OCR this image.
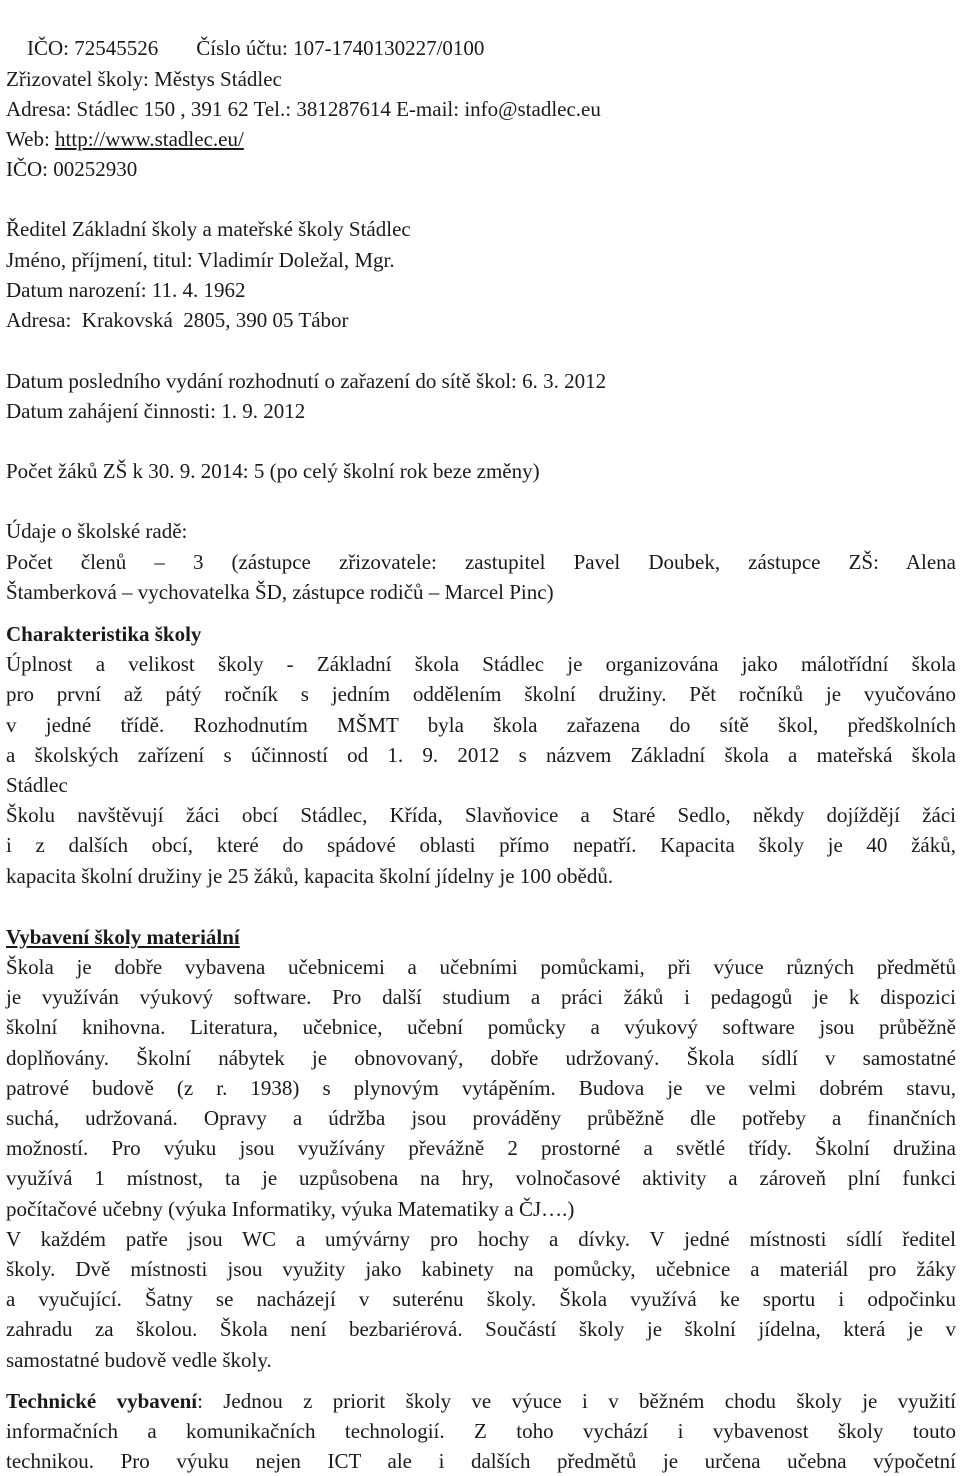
IČO: 72545526 Číslo účtu: 107-1740130227/0100

Zřizovatel školy: Městys Stádlec
Adresa: Stádlec 150 , 391 62 Tel.: 381287614 E-mail: info@stadlec.eu
Web: http://www.stadlec.eu/
IČO: 00252930
Ředitel Základní školy a mateřské školy Stádlec
Jméno, příjmení, titul: Vladimír Doležal, Mgr.
Datum narození: 11. 4. 1962
Adresa:  Krakovská  2805, 390 05 Tábor
Datum posledního vydání rozhodnutí o zařazení do sítě škol: 6. 3. 2012
Datum zahájení činnosti: 1. 9. 2012
Počet žáků ZŠ k 30. 9. 2014: 5 (po celý školní rok beze změny)
Údaje o školské radě:
Počet členů – 3 (zástupce zřizovatele: zastupitel Pavel Doubek, zástupce ZŠ: Alena
Štamberková – vychovatelka ŠD, zástupce rodičů – Marcel Pinc)
Charakteristika školy
Úplnost a velikost školy - Základní škola Stádlec je organizována jako málotřídní škola
pro první až pátý ročník s jedním oddělením školní družiny. Pět ročníků je vyučováno
v jedné třídě. Rozhodnutím MŠMT byla škola zařazena do sítě škol, předškolních
a školských zařízení s účinností od 1. 9. 2012 s názvem Základní škola a mateřská škola
Stádlec
Školu navštěvují žáci obcí Stádlec, Křída, Slavňovice a Staré Sedlo, někdy dojíždějí žáci
i z dalších obcí, které do spádové oblasti přímo nepatří. Kapacita školy je 40 žáků,
kapacita školní družiny je 25 žáků, kapacita školní jídelny je 100 obědů.
Vybavení školy materiální
Škola je dobře vybavena učebnicemi a učebními pomůckami, při výuce různých předmětů
je využíván výukový software. Pro další studium a práci žáků i pedagogů je k dispozici
školní knihovna. Literatura, učebnice, učební pomůcky a výukový software jsou průběžně
doplňovány. Školní nábytek je obnovovaný, dobře udržovaný. Škola sídlí v samostatné
patrové budově (z r. 1938) s plynovým vytápěním. Budova je ve velmi dobrém stavu,
suchá, udržovaná. Opravy a údržba jsou prováděny průběžně dle potřeby a finančních
možností. Pro výuku jsou využívány převážně 2 prostorné a světlé třídy. Školní družina
využívá 1 místnost, ta je uzpůsobena na hry, volnočasové aktivity a zároveň plní funkci
počítačové učebny (výuka Informatiky, výuka Matematiky a ČJ….)
V každém patře jsou WC a umývárny pro hochy a dívky. V jedné místnosti sídlí ředitel
školy. Dvě místnosti jsou využity jako kabinety na pomůcky, učebnice a materiál pro žáky
a vyučující. Šatny se nacházejí v suterénu školy. Škola využívá ke sportu i odpočinku
zahradu za školou. Škola není bezbariérová. Součástí školy je školní jídelna, která je v
samostatné budově vedle školy.
Technické vybavení: Jednou z priorit školy ve výuce i v běžném chodu školy je využití
informačních a komunikačních technologií. Z toho vychází i vybavenost školy touto
technikou. Pro výuku nejen ICT ale i dalších předmětů je určena učebna výpočetní
